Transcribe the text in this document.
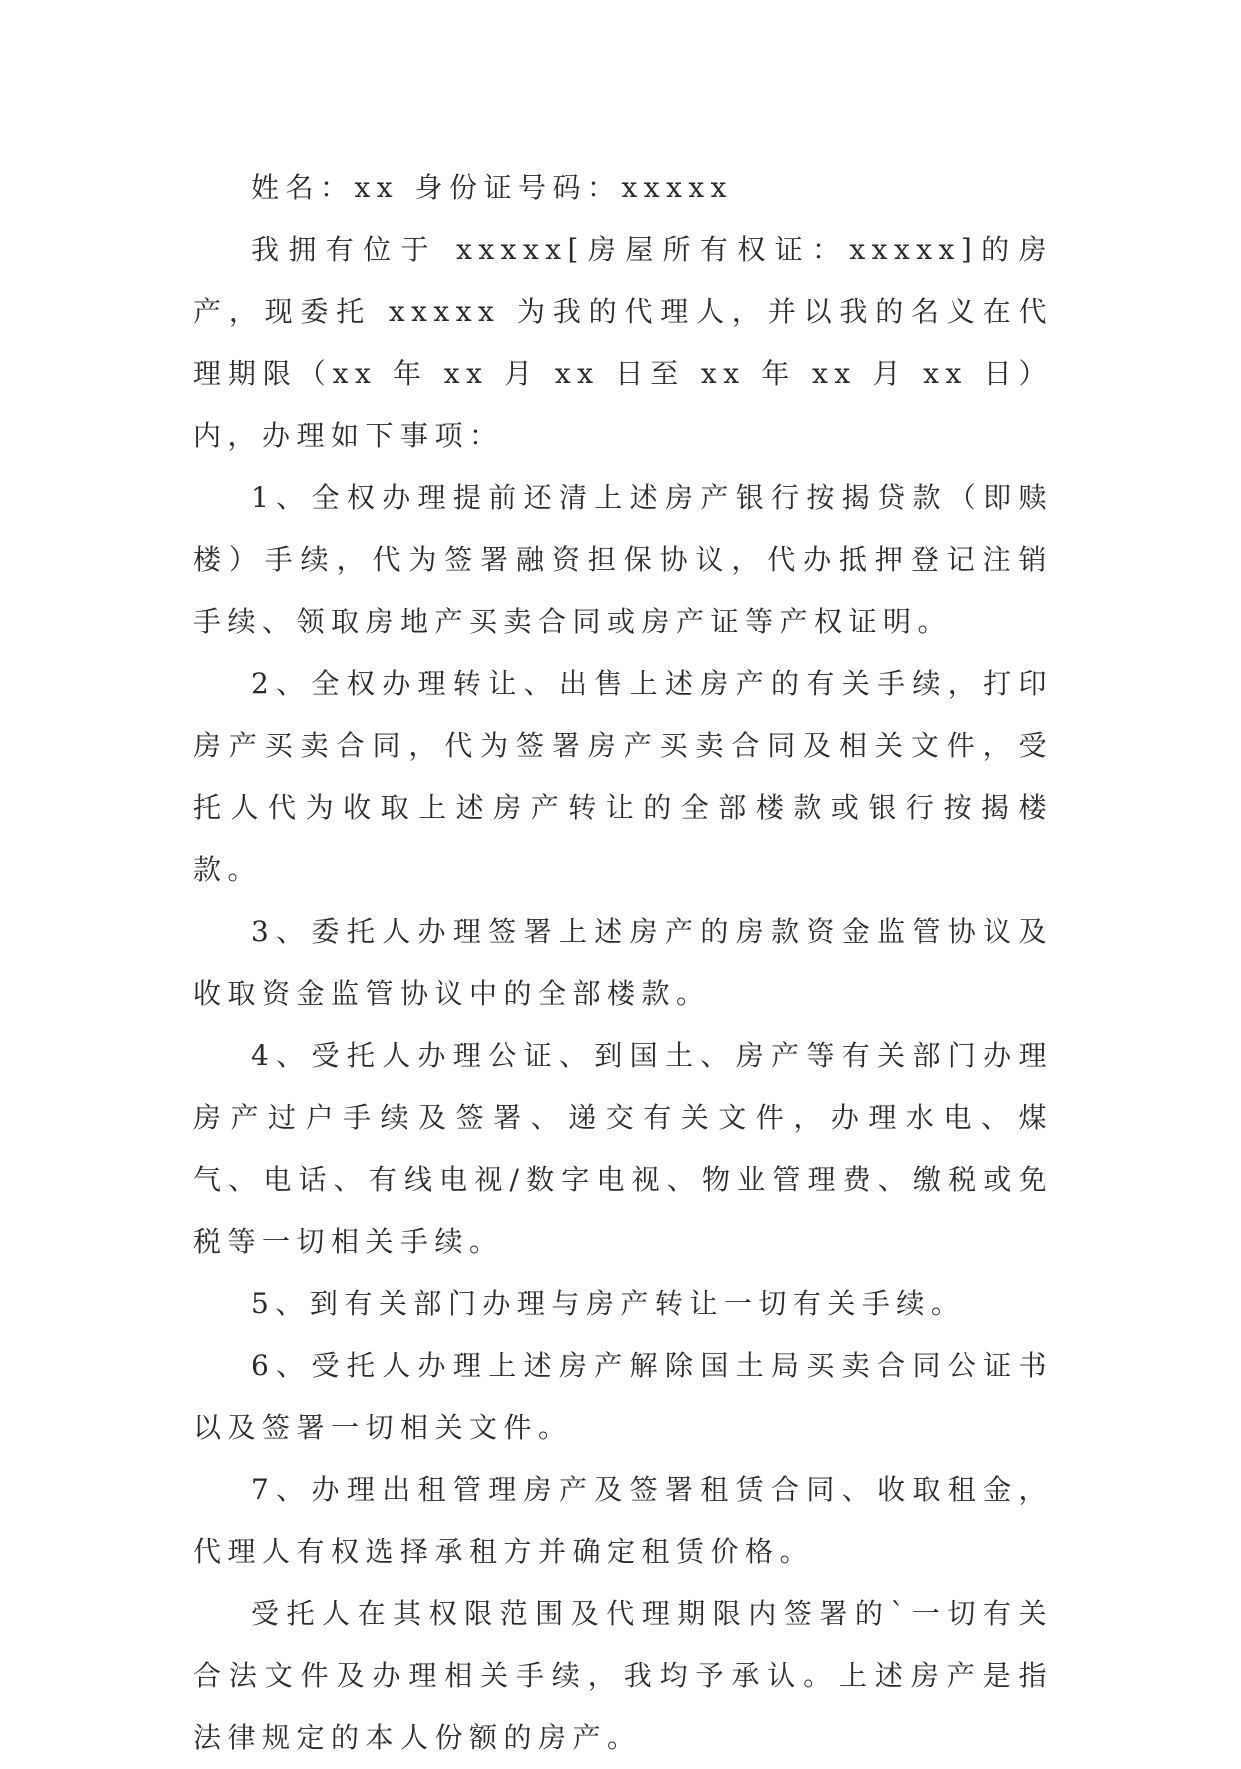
姓名：xx 身份证号码：xxxxx

我拥有位于 xxxxx[房屋所有权证：xxxxx]的房产，现委托 xxxxx 为我的代理人，并以我的名义在代理期限（xx 年 xx 月 xx 日至 xx 年 xx 月 xx 日）内，办理如下事项：

1、全权办理提前还清上述房产银行按揭贷款（即赎楼）手续，代为签署融资担保协议，代办抵押登记注销手续、领取房地产买卖合同或房产证等产权证明。

2、全权办理转让、出售上述房产的有关手续，打印房产买卖合同，代为签署房产买卖合同及相关文件，受托人代为收取上述房产转让的全部楼款或银行按揭楼款。

3、委托人办理签署上述房产的房款资金监管协议及收取资金监管协议中的全部楼款。

4、受托人办理公证、到国土、房产等有关部门办理房产过户手续及签署、递交有关文件，办理水电、煤气、电话、有线电视/数字电视、物业管理费、缴税或免税等一切相关手续。

5、到有关部门办理与房产转让一切有关手续。

6、受托人办理上述房产解除国土局买卖合同公证书以及签署一切相关文件。

7、办理出租管理房产及签署租赁合同、收取租金，代理人有权选择承租方并确定租赁价格。

受托人在其权限范围及代理期限内签署的`一切有关合法文件及办理相关手续，我均予承认。上述房产是指法律规定的本人份额的房产。
